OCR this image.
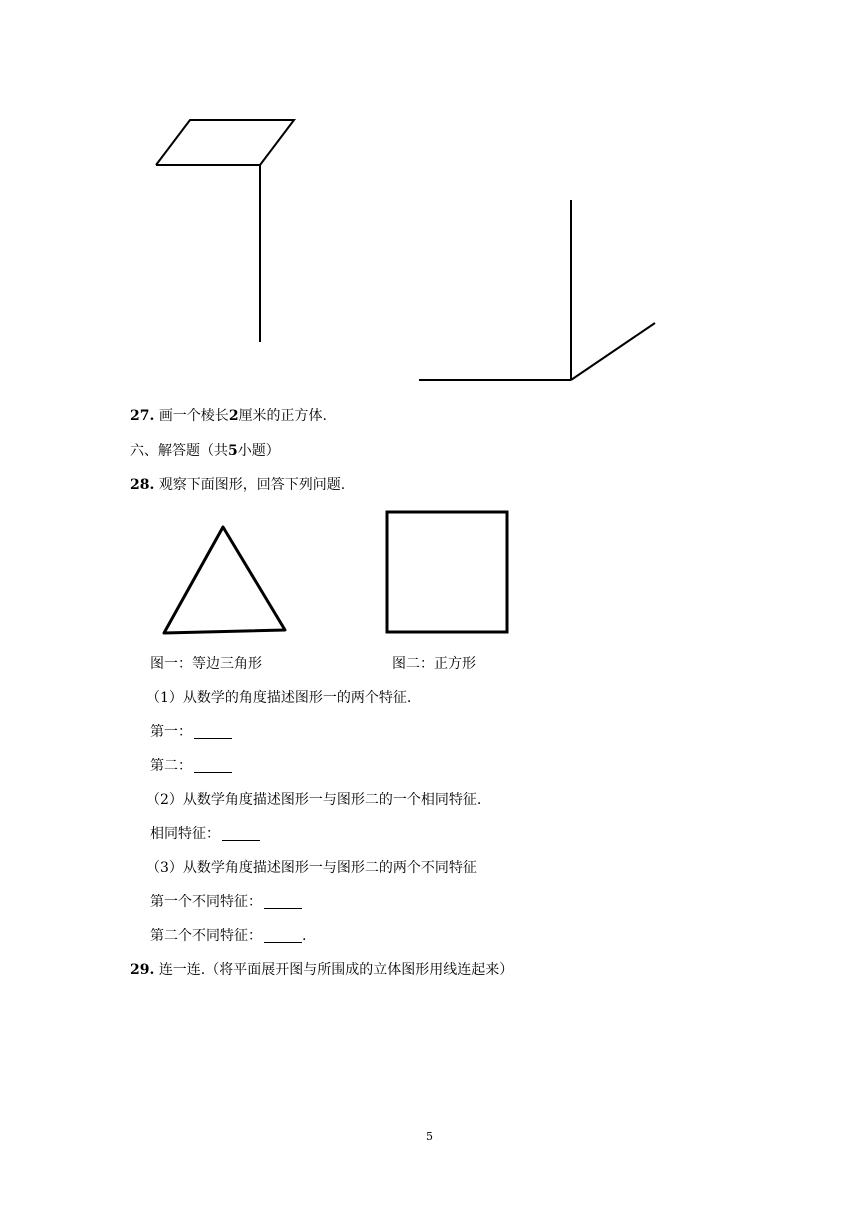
27. 画一个棱长2厘米的正方体.
六、解答题（共5小题）
28. 观察下面图形，回答下列问题.
图一：等边三角形	图二：正方形
（1）从数学的角度描述图形一的两个特征.
第一：
第二：
（2）从数学角度描述图形一与图形二的一个相同特征.
相同特征：
（3）从数学角度描述图形一与图形二的两个不同特征
第一个不同特征：
第二个不同特征：	.
29. 连一连.（将平面展开图与所围成的立体图形用线连起来）
5
